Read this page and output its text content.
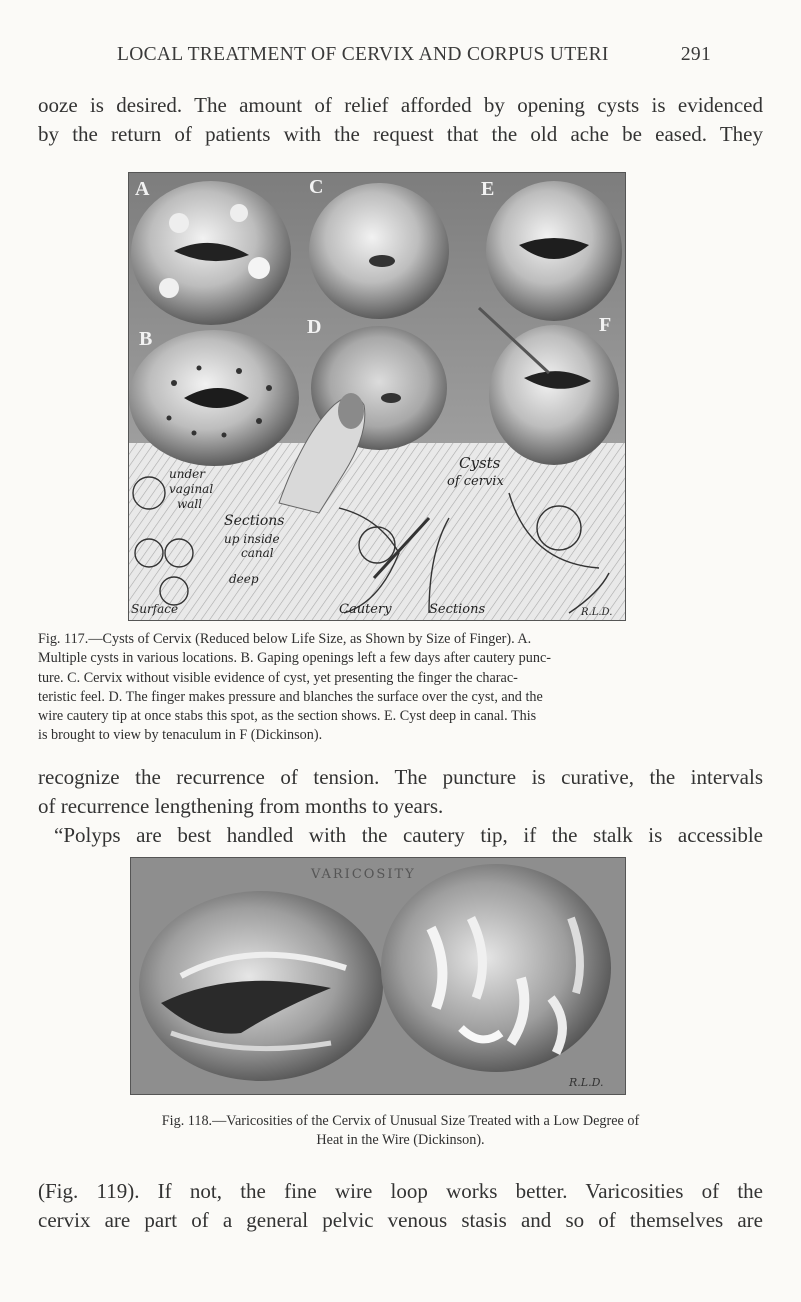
LOCAL TREATMENT OF CERVIX AND CORPUS UTERI	291

ooze is desired. The amount of relief afforded by opening cysts is evidenced
by the return of patients with the request that the old ache be eased. They

A	C	E
B
D	F
Cysts
of cervix
under
vaginal
wall
Sections
up inside
canal
deep
Surface	Cautery	Sections	R.L.D.
Fig. 117.—Cysts of Cervix (Reduced below Life Size, as Shown by Size of Finger). A.
Multiple cysts in various locations. B. Gaping openings left a few days after cautery punc-
ture. C. Cervix without visible evidence of cyst, yet presenting the finger the charac-
teristic feel. D. The finger makes pressure and blanches the surface over the cyst, and the
wire cautery tip at once stabs this spot, as the section shows. E. Cyst deep in canal. This
is brought to view by tenaculum in F (Dickinson).

recognize the recurrence of tension. The puncture is curative, the intervals
of recurrence lengthening from months to years.
“Polyps are best handled with the cautery tip, if the stalk is accessible

VARICOSITY
R.L.D.
Fig. 118.—Varicosities of the Cervix of Unusual Size Treated with a Low Degree of
Heat in the Wire (Dickinson).

(Fig. 119). If not, the fine wire loop works better. Varicosities of the
cervix are part of a general pelvic venous stasis and so of themselves are
